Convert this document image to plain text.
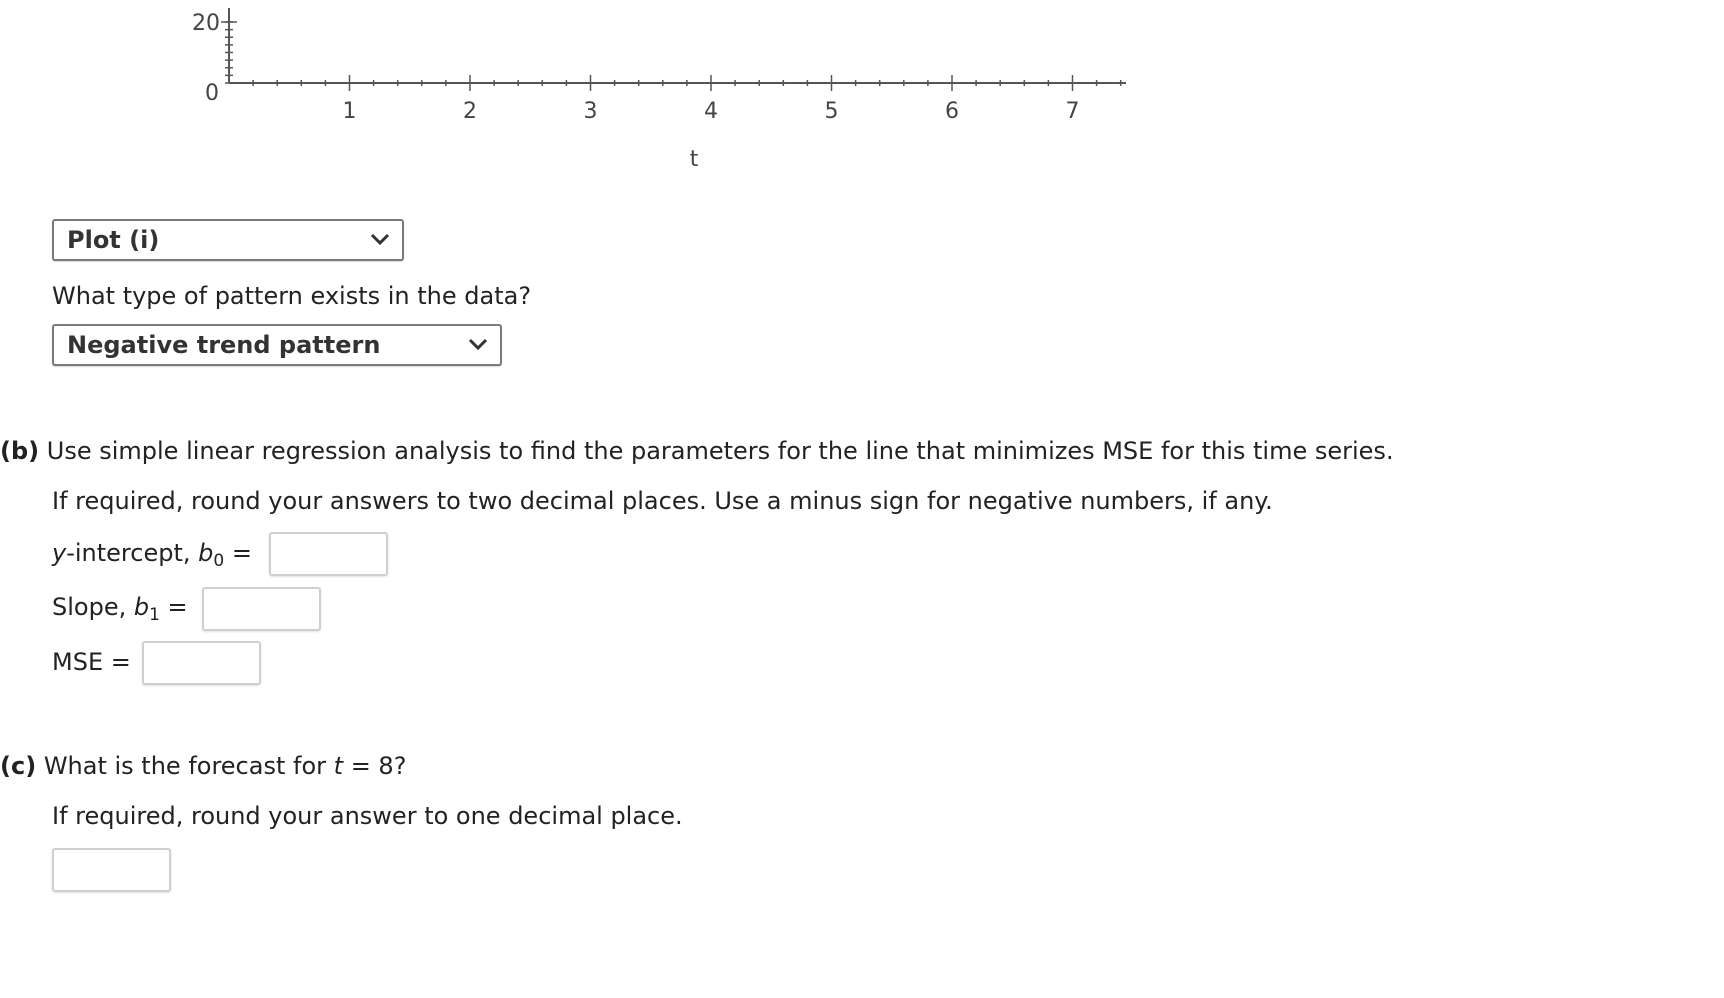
1	2	3	4	5	6	7
0
20
t
Plot (i)
What type of pattern exists in the data?
Negative trend pattern
(b) Use simple linear regression analysis to find the parameters for the line that minimizes MSE for this time series.
If required, round your answers to two decimal places. Use a minus sign for negative numbers, if any.
y-intercept, $b_0$ =
Slope, $b_1$ =
MSE =
(c) What is the forecast for t = 8?
If required, round your answer to one decimal place.
